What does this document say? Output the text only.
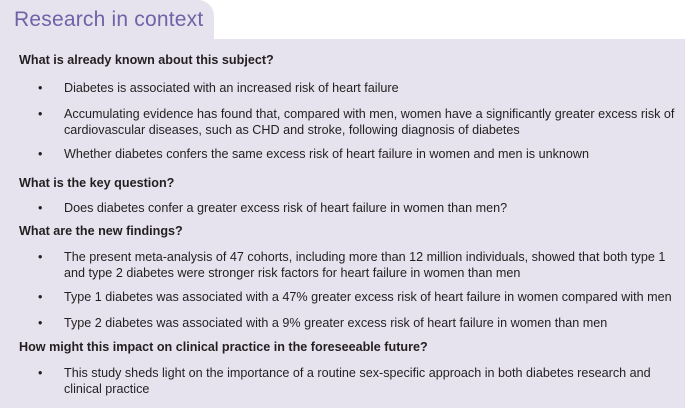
Research in context
What is already known about this subject?
• Diabetes is associated with an increased risk of heart failure
• Accumulating evidence has found that, compared with men, women have a significantly greater excess risk of cardiovascular diseases, such as CHD and stroke, following diagnosis of diabetes
• Whether diabetes confers the same excess risk of heart failure in women and men is unknown
What is the key question?
• Does diabetes confer a greater excess risk of heart failure in women than men?
What are the new findings?
• The present meta-analysis of 47 cohorts, including more than 12 million individuals, showed that both type 1 and type 2 diabetes were stronger risk factors for heart failure in women than men
• Type 1 diabetes was associated with a 47% greater excess risk of heart failure in women compared with men
• Type 2 diabetes was associated with a 9% greater excess risk of heart failure in women than men
How might this impact on clinical practice in the foreseeable future?
• This study sheds light on the importance of a routine sex-specific approach in both diabetes research and clinical practice
